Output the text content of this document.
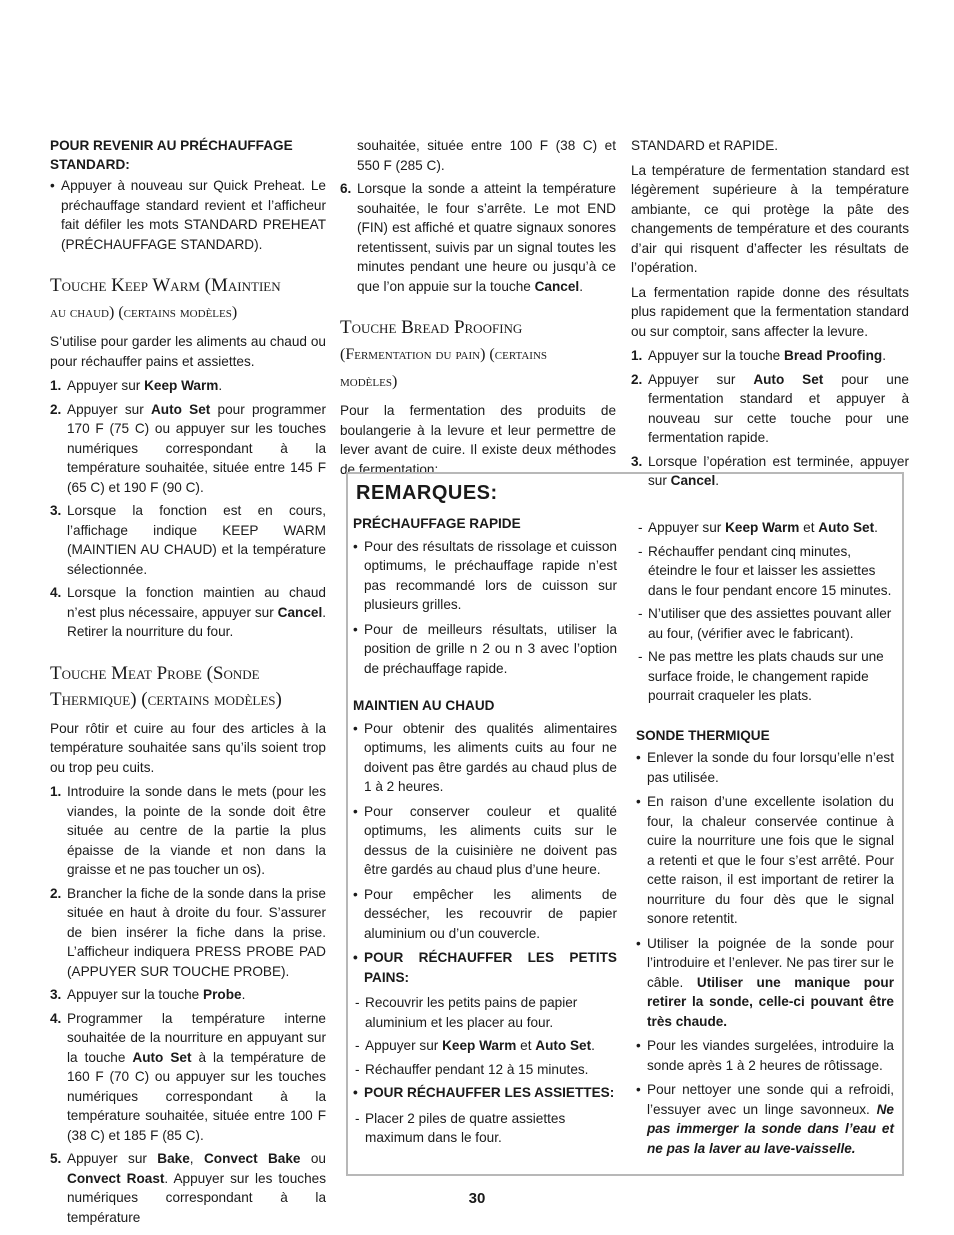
POUR REVENIR AU PRÉCHAUFFAGE STANDARD:
• Appuyer à nouveau sur Quick Preheat. Le préchauffage standard revient et l’afficheur fait défiler les mots STANDARD PREHEAT (PRÉCHAUFFAGE STANDARD).
Touche Keep Warm (Maintien
au chaud) (certains modèles)

S’utilise pour garder les aliments au chaud ou pour réchauffer pains et assiettes.

1. Appuyer sur Keep Warm.
2. Appuyer sur Auto Set pour programmer 170 F (75 C) ou appuyer sur les touches numériques correspondant à la température souhaitée, située entre 145 F (65 C) et 190 F (90 C).
3. Lorsque la fonction est en cours, l’affichage indique KEEP WARM (MAINTIEN AU CHAUD) et la température sélectionnée.
4. Lorsque la fonction maintien au chaud n’est plus nécessaire, appuyer sur Cancel. Retirer la nourriture du four.
Touche Meat Probe (Sonde
Thermique) (certains modèles)

Pour rôtir et cuire au four des articles à la température souhaitée sans qu’ils soient trop ou trop peu cuits.

1. Introduire la sonde dans le mets (pour les viandes, la pointe de la sonde doit être située au centre de la partie la plus épaisse de la viande et non dans la graisse et ne pas toucher un os).
2. Brancher la fiche de la sonde dans la prise située en haut à droite du four. S’assurer de bien insérer la fiche dans la prise. L’afficheur indiquera PRESS PROBE PAD (APPUYER SUR TOUCHE PROBE).
3. Appuyer sur la touche Probe.
4. Programmer la température interne souhaitée de la nourriture en appuyant sur la touche Auto Set à la température de 160 F (70 C) ou appuyer sur les touches numériques correspondant à la température souhaitée, située entre 100 F (38 C) et 185 F (85 C).
5. Appuyer sur Bake, Convect Bake ou Convect Roast. Appuyer sur les touches numériques correspondant à la température
souhaitée, située entre 100 F (38 C) et 550 F (285 C).
6. Lorsque la sonde a atteint la température souhaitée, le four s’arrête. Le mot END (FIN) est affiché et quatre signaux sonores retentissent, suivis par un signal toutes les minutes pendant une heure ou jusqu’à ce que l’on appuie sur la touche Cancel.
Touche Bread Proofing
(Fermentation du pain) (certains
modèles)

Pour la fermentation des produits de boulangerie à la levure et leur permettre de lever avant de cuire. Il existe deux méthodes de fermentation:

STANDARD et RAPIDE.

La température de fermentation standard est légèrement supérieure à la température ambiante, ce qui protège la pâte des changements de température et des courants d’air qui risquent d’affecter les résultats de l’opération.

La fermentation rapide donne des résultats plus rapidement que la fermentation standard ou sur comptoir, sans affecter la levure.

1. Appuyer sur la touche Bread Proofing.
2. Appuyer sur Auto Set pour une fermentation standard et appuyer à nouveau sur cette touche pour une fermentation rapide.
3. Lorsque l’opération est terminée, appuyer sur Cancel.
REMARQUES:
PRÉCHAUFFAGE RAPIDE
• Pour des résultats de rissolage et cuisson optimums, le préchauffage rapide n’est pas recommandé lors de cuisson sur plusieurs grilles.
• Pour de meilleurs résultats, utiliser la position de grille n 2 ou n 3 avec l’option de préchauffage rapide.
MAINTIEN AU CHAUD
• Pour obtenir des qualités alimentaires optimums, les aliments cuits au four ne doivent pas être gardés au chaud plus de 1 à 2 heures.
• Pour conserver couleur et qualité optimums, les aliments cuits sur le dessus de la cuisinière ne doivent pas être gardés au chaud plus d’une heure.
• Pour empêcher les aliments de dessécher, les recouvrir de papier aluminium ou d’un couvercle.
• POUR RÉCHAUFFER LES PETITS PAINS:
- Recouvrir les petits pains de papier aluminium et les placer au four.
- Appuyer sur Keep Warm et Auto Set.
- Réchauffer pendant 12 à 15 minutes.
• POUR RÉCHAUFFER LES ASSIETTES:
- Placer 2 piles de quatre assiettes maximum dans le four.
- Appuyer sur Keep Warm et Auto Set.
- Réchauffer pendant cinq minutes, éteindre le four et laisser les assiettes dans le four pendant encore 15 minutes.
- N’utiliser que des assiettes pouvant aller au four, (vérifier avec le fabricant).
- Ne pas mettre les plats chauds sur une surface froide, le changement rapide pourrait craqueler les plats.
SONDE THERMIQUE
• Enlever la sonde du four lorsqu’elle n’est pas utilisée.
• En raison d’une excellente isolation du four, la chaleur conservée continue à cuire la nourriture une fois que le signal a retenti et que le four s’est arrêté. Pour cette raison, il est important de retirer la nourriture du four dès que le signal sonore retentit.
• Utiliser la poignée de la sonde pour l’introduire et l’enlever. Ne pas tirer sur le câble. Utiliser une manique pour retirer la sonde, celle-ci pouvant être très chaude.
• Pour les viandes surgelées, introduire la sonde après 1 à 2 heures de rôtissage.
• Pour nettoyer une sonde qui a refroidi, l’essuyer avec un linge savonneux. Ne pas immerger la sonde dans l’eau et ne pas la laver au lave-vaisselle.
30
